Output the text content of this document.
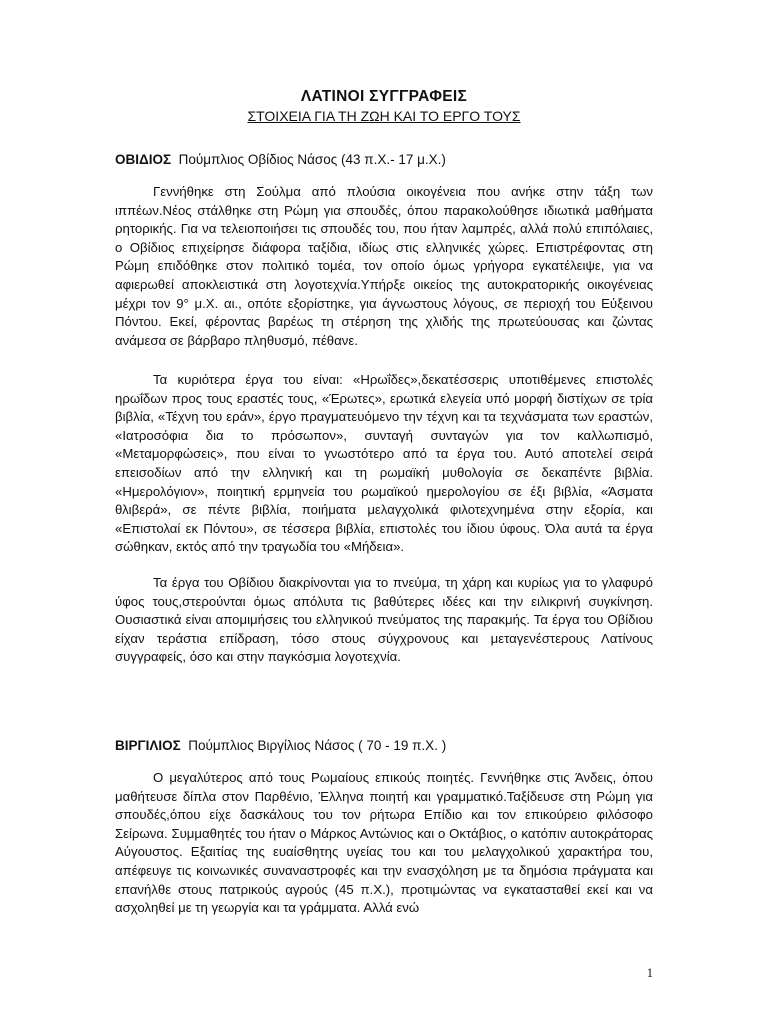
ΛΑΤΙΝΟΙ ΣΥΓΓΡΑΦΕΙΣ
ΣΤΟΙΧΕΙΑ ΓΙΑ ΤΗ ΖΩΗ ΚΑΙ ΤΟ ΕΡΓΟ ΤΟΥΣ
ΟΒΙΔΙΟΣ Πούμπλιος Οβίδιος Νάσος (43 π.Χ.- 17 μ.Χ.)

Γεννήθηκε στη Σούλμα από πλούσια οικογένεια που ανήκε στην τάξη των ιππέων.Νέος στάλθηκε στη Ρώμη για σπουδές, όπου παρακολούθησε ιδιωτικά μαθήματα ρητορικής. Για να τελειοποιήσει τις σπουδές του, που ήταν λαμπρές, αλλά πολύ επιπόλαιες, ο Οβίδιος επιχείρησε διάφορα ταξίδια, ιδίως στις ελληνικές χώρες. Επιστρέφοντας στη Ρώμη επιδόθηκε στον πολιτικό τομέα, τον οποίο όμως γρήγορα εγκατέλειψε, για να αφιερωθεί αποκλειστικά στη λογοτεχνία.Υπήρξε οικείος της αυτοκρατορικής οικογένειας μέχρι τον 9° μ.Χ. αι., οπότε εξορίστηκε, για άγνωστους λόγους, σε περιοχή του Εύξεινου Πόντου. Εκεί, φέροντας βαρέως τη στέρηση της χλιδής της πρωτεύουσας και ζώντας ανάμεσα σε βάρβαρο πληθυσμό, πέθανε.

Τα κυριότερα έργα του είναι: «Ηρωΐδες»,δεκατέσσερις υποτιθέμενες επιστολές ηρωΐδων προς τους εραστές τους, «Έρωτες», ερωτικά ελεγεία υπό μορφή διστίχων σε τρία βιβλία, «Τέχνη του εράν», έργο πραγματευόμενο την τέχνη και τα τεχνάσματα των εραστών, «Ιατροσόφια δια το πρόσωπον», συνταγή συνταγών για τον καλλωπισμό, «Μεταμορφώσεις», που είναι το γνωστότερο από τα έργα του. Αυτό αποτελεί σειρά επεισοδίων από την ελληνική και τη ρωμαϊκή μυθολογία σε δεκαπέντε βιβλία. «Ημερολόγιον», ποιητική ερμηνεία του ρωμαϊκού ημερολογίου σε έξι βιβλία, «Άσματα θλιβερά», σε πέντε βιβλία, ποιήματα μελαγχολικά φιλοτεχνημένα στην εξορία, και «Επιστολαί εκ Πόντου», σε τέσσερα βιβλία, επιστολές του ίδιου ύφους. Όλα αυτά τα έργα σώθηκαν, εκτός από την τραγωδία του «Μήδεια».

Τα έργα του Οβίδιου διακρίνονται για το πνεύμα, τη χάρη και κυρίως για το γλαφυρό ύφος τους,στερούνται όμως απόλυτα τις βαθύτερες ιδέες και την ειλικρινή συγκίνηση. Ουσιαστικά είναι απομιμήσεις του ελληνικού πνεύματος της παρακμής. Τα έργα του Οβίδιου είχαν τεράστια επίδραση, τόσο στους σύγχρονους και μεταγενέστερους Λατίνους συγγραφείς, όσο και στην παγκόσμια λογοτεχνία.

ΒΙΡΓΙΛΙΟΣ Πούμπλιος Βιργίλιος Νάσος ( 70 - 19 π.Χ. )

Ο μεγαλύτερος από τους Ρωμαίους επικούς ποιητές. Γεννήθηκε στις Άνδεις, όπου μαθήτευσε δίπλα στον Παρθένιο, Έλληνα ποιητή και γραμματικό.Ταξίδευσε στη Ρώμη για σπουδές,όπου είχε δασκάλους του τον ρήτωρα Επίδιο και τον επικούρειο φιλόσοφο Σείρωνα. Συμμαθητές του ήταν ο Μάρκος Αντώνιος και ο Οκτάβιος, ο κατόπιν αυτοκράτορας Αύγουστος. Εξαιτίας της ευαίσθητης υγείας του και του μελαγχολικού χαρακτήρα του, απέφευγε τις κοινωνικές συναναστροφές και την ενασχόληση με τα δημόσια πράγματα και επανήλθε στους πατρικούς αγρούς (45 π.Χ.), προτιμώντας να εγκατασταθεί εκεί και να ασχοληθεί με τη γεωργία και τα γράμματα. Αλλά ενώ

1
